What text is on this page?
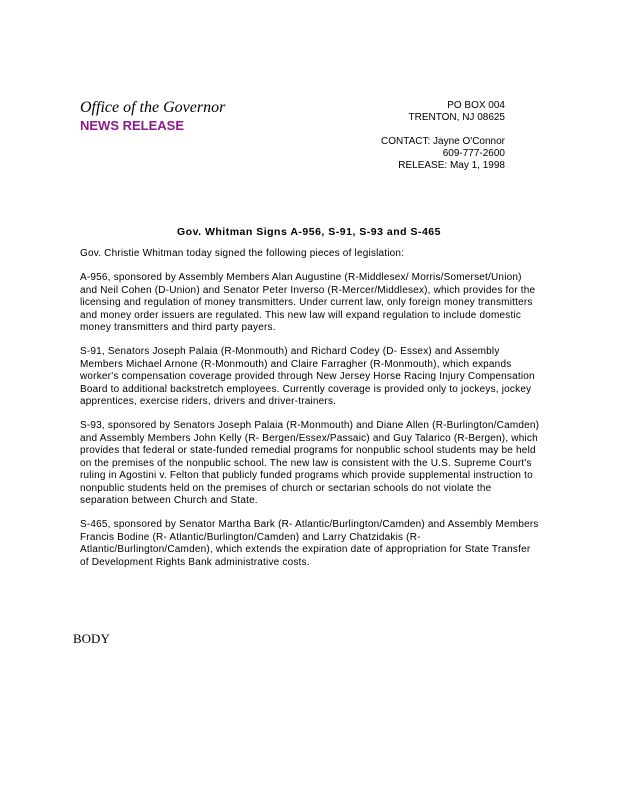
Office of the Governor
NEWS RELEASE
PO BOX 004
TRENTON, NJ 08625
CONTACT: Jayne O'Connor
609-777-2600
RELEASE: May 1, 1998
Gov. Whitman Signs A-956, S-91, S-93 and S-465

Gov. Christie Whitman today signed the following pieces of legislation:

A-956, sponsored by Assembly Members Alan Augustine (R-Middlesex/ Morris/Somerset/Union) and Neil Cohen (D-Union) and Senator Peter Inverso (R-Mercer/Middlesex), which provides for the licensing and regulation of money transmitters. Under current law, only foreign money transmitters and money order issuers are regulated. This new law will expand regulation to include domestic money transmitters and third party payers.

S-91, Senators Joseph Palaia (R-Monmouth) and Richard Codey (D- Essex) and Assembly Members Michael Arnone (R-Monmouth) and Claire Farragher (R-Monmouth), which expands worker's compensation coverage provided through New Jersey Horse Racing Injury Compensation Board to additional backstretch employees. Currently coverage is provided only to jockeys, jockey apprentices, exercise riders, drivers and driver-trainers.

S-93, sponsored by Senators Joseph Palaia (R-Monmouth) and Diane Allen (R-Burlington/Camden) and Assembly Members John Kelly (R- Bergen/Essex/Passaic) and Guy Talarico (R-Bergen), which provides that federal or state-funded remedial programs for nonpublic school students may be held on the premises of the nonpublic school. The new law is consistent with the U.S. Supreme Court's ruling in Agostini v. Felton that publicly funded programs which provide supplemental instruction to nonpublic students held on the premises of church or sectarian schools do not violate the separation between Church and State.

S-465, sponsored by Senator Martha Bark (R- Atlantic/Burlington/Camden) and Assembly Members Francis Bodine (R- Atlantic/Burlington/Camden) and Larry Chatzidakis (R- Atlantic/Burlington/Camden), which extends the expiration date of appropriation for State Transfer of Development Rights Bank administrative costs.

BODY
